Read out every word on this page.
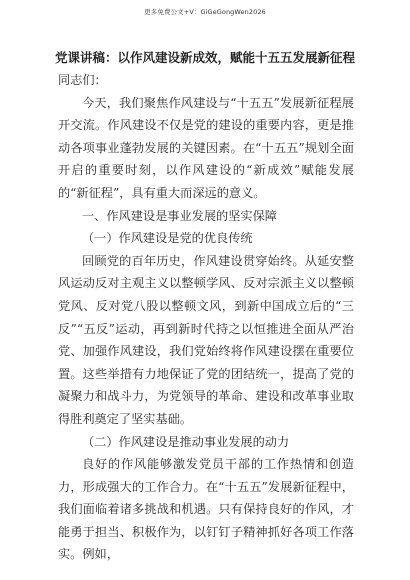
更多免费公文+V：GiGeGongWen2026
党课讲稿：以作风建设新成效，赋能十五五发展新征程

同志们：

今天，我们聚焦作风建设与“十五五”发展新征程展开交流。作风建设不仅是党的建设的重要内容，更是推动各项事业蓬勃发展的关键因素。在“十五五”规划全面开启的重要时刻，以作风建设的“新成效”赋能发展的“新征程”，具有重大而深远的意义。

一、作风建设是事业发展的坚实保障

（一）作风建设是党的优良传统

回顾党的百年历史，作风建设贯穿始终。从延安整风运动反对主观主义以整顿学风、反对宗派主义以整顿党风、反对党八股以整顿文风，到新中国成立后的“三反”“五反”运动，再到新时代持之以恒推进全面从严治党、加强作风建设，我们党始终将作风建设摆在重要位置。这些举措有力地保证了党的团结统一，提高了党的凝聚力和战斗力，为党领导的革命、建设和改革事业取得胜利奠定了坚实基础。

（二）作风建设是推动事业发展的动力

良好的作风能够激发党员干部的工作热情和创造力，形成强大的工作合力。在“十五五”发展新征程中，我们面临着诸多挑战和机遇。只有保持良好的作风，才能勇于担当、积极作为，以钉钉子精神抓好各项工作落实。例如，
